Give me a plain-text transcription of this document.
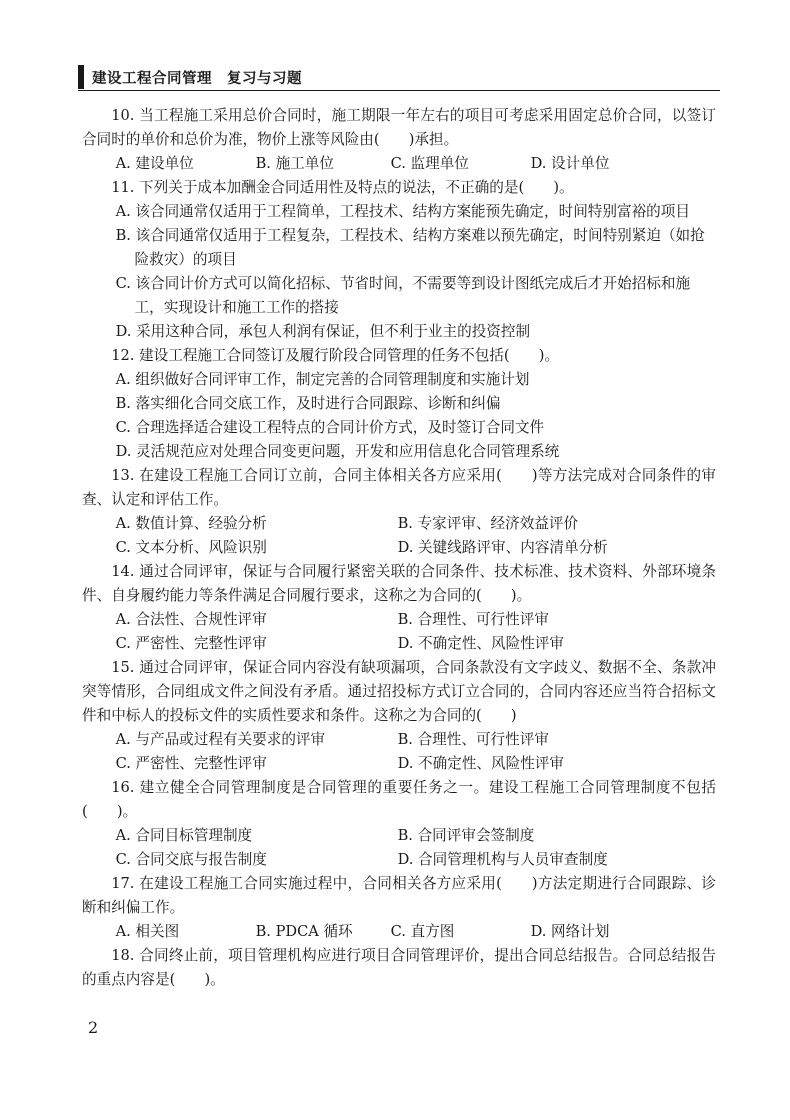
建设工程合同管理　复习与习题

10. 当工程施工采用总价合同时，施工期限一年左右的项目可考虑采用固定总价合同，以签订合同时的单价和总价为准，物价上涨等风险由(　　)承担。

A. 建设单位	B. 施工单位	C. 监理单位	D. 设计单位

11. 下列关于成本加酬金合同适用性及特点的说法，不正确的是(　　)。

A. 该合同通常仅适用于工程简单，工程技术、结构方案能预先确定，时间特别富裕的项目

B. 该合同通常仅适用于工程复杂，工程技术、结构方案难以预先确定，时间特别紧迫（如抢险救灾）的项目

C. 该合同计价方式可以简化招标、节省时间，不需要等到设计图纸完成后才开始招标和施工，实现设计和施工工作的搭接

D. 采用这种合同，承包人利润有保证，但不利于业主的投资控制

12. 建设工程施工合同签订及履行阶段合同管理的任务不包括(　　)。

A. 组织做好合同评审工作，制定完善的合同管理制度和实施计划

B. 落实细化合同交底工作，及时进行合同跟踪、诊断和纠偏

C. 合理选择适合建设工程特点的合同计价方式，及时签订合同文件

D. 灵活规范应对处理合同变更问题，开发和应用信息化合同管理系统

13. 在建设工程施工合同订立前，合同主体相关各方应采用(　　)等方法完成对合同条件的审查、认定和评估工作。

A. 数值计算、经验分析	B. 专家评审、经济效益评价
C. 文本分析、风险识别	D. 关键线路评审、内容清单分析

14. 通过合同评审，保证与合同履行紧密关联的合同条件、技术标准、技术资料、外部环境条件、自身履约能力等条件满足合同履行要求，这称之为合同的(　　)。

A. 合法性、合规性评审	B. 合理性、可行性评审
C. 严密性、完整性评审	D. 不确定性、风险性评审

15. 通过合同评审，保证合同内容没有缺项漏项，合同条款没有文字歧义、数据不全、条款冲突等情形，合同组成文件之间没有矛盾。通过招投标方式订立合同的，合同内容还应当符合招标文件和中标人的投标文件的实质性要求和条件。这称之为合同的(　　)

A. 与产品或过程有关要求的评审	B. 合理性、可行性评审
C. 严密性、完整性评审	D. 不确定性、风险性评审

16. 建立健全合同管理制度是合同管理的重要任务之一。建设工程施工合同管理制度不包括(　　)。

A. 合同目标管理制度	B. 合同评审会签制度
C. 合同交底与报告制度	D. 合同管理机构与人员审查制度

17. 在建设工程施工合同实施过程中，合同相关各方应采用(　　)方法定期进行合同跟踪、诊断和纠偏工作。

A. 相关图	B. PDCA 循环	C. 直方图	D. 网络计划

18. 合同终止前，项目管理机构应进行项目合同管理评价，提出合同总结报告。合同总结报告的重点内容是(　　)。

2
